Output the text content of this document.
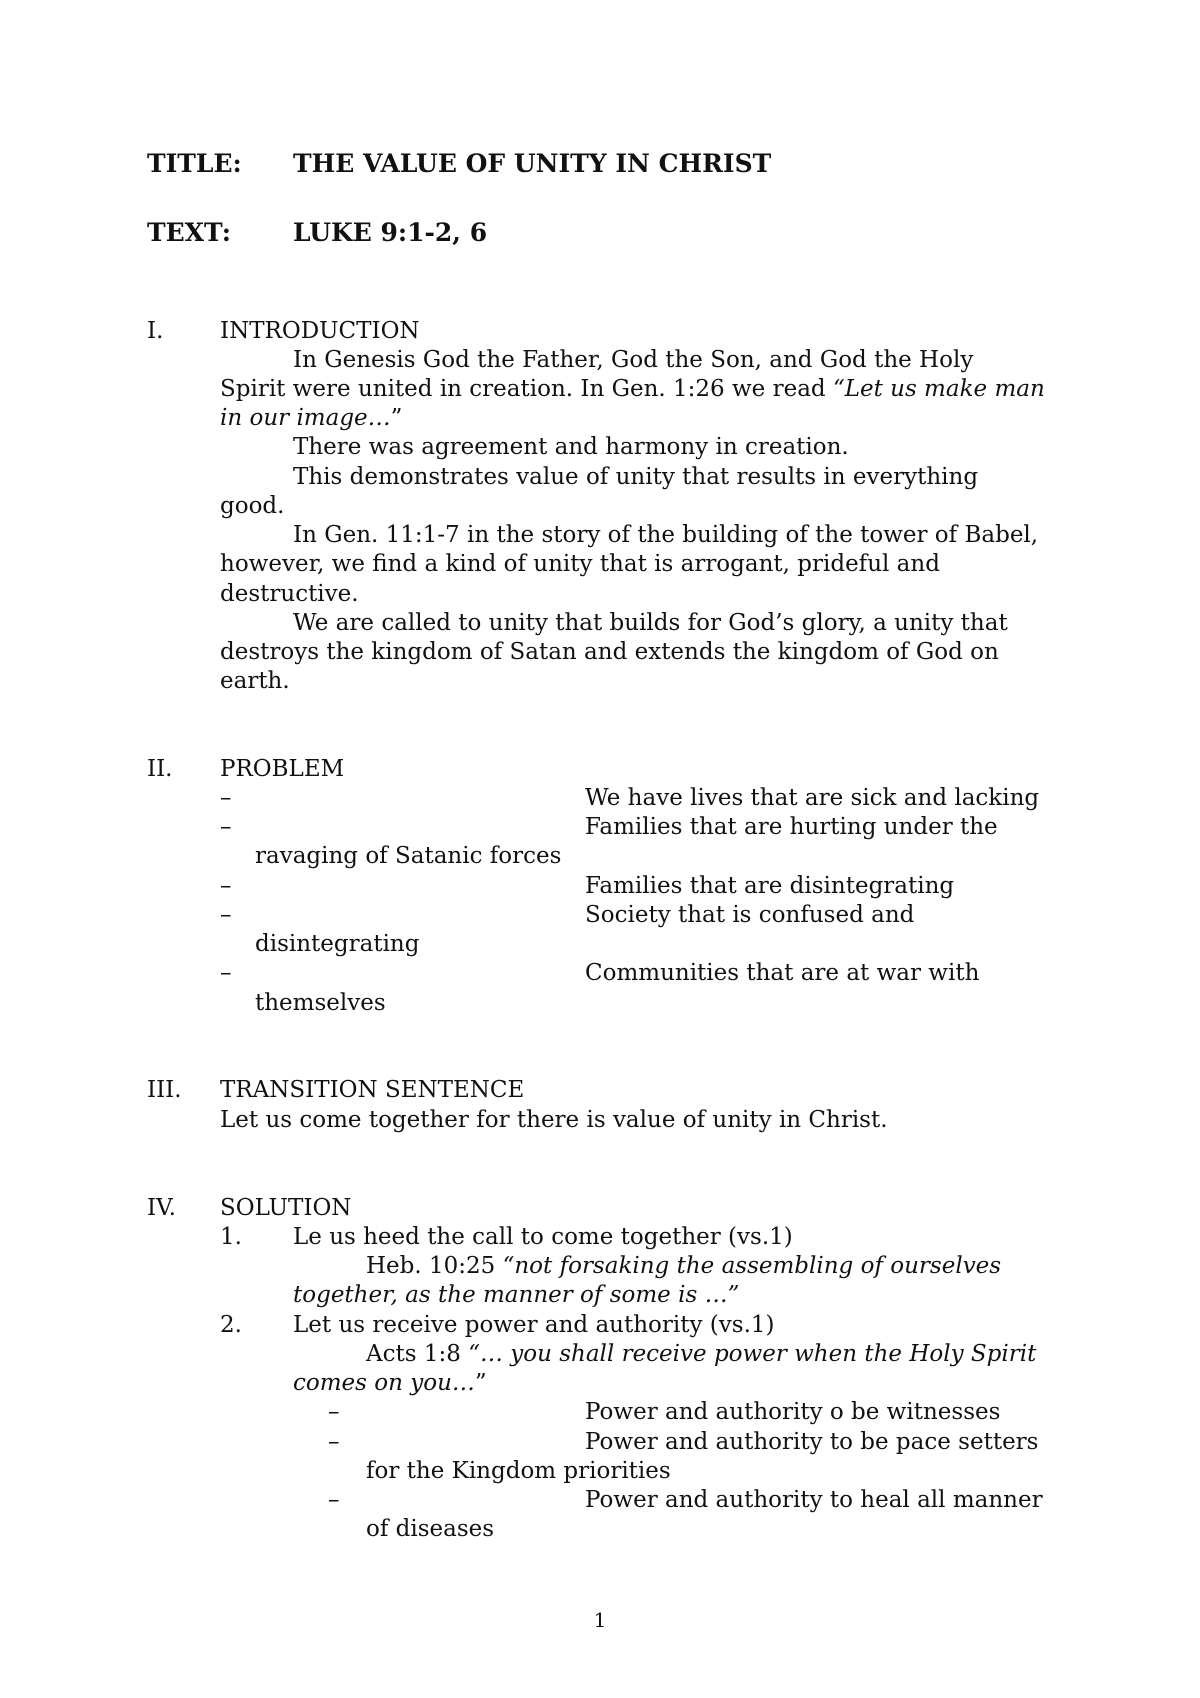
TITLE: THE VALUE OF UNITY IN CHRIST
TEXT: LUKE 9:1-2, 6
I. INTRODUCTION
In Genesis God the Father, God the Son, and God the Holy
Spirit were united in creation. In Gen. 1:26 we read “Let us make man
in our image…”
There was agreement and harmony in creation.
This demonstrates value of unity that results in everything
good.
In Gen. 11:1-7 in the story of the building of the tower of Babel,
however, we find a kind of unity that is arrogant, prideful and
destructive.
We are called to unity that builds for God’s glory, a unity that
destroys the kingdom of Satan and extends the kingdom of God on
earth.
II. PROBLEM
–	We have lives that are sick and lacking
–	Families that are hurting under the
ravaging of Satanic forces
–	Families that are disintegrating
–	Society that is confused and
disintegrating
–	Communities that are at war with
themselves
III. TRANSITION SENTENCE
Let us come together for there is value of unity in Christ.
IV. SOLUTION
1. Le us heed the call to come together (vs.1)
Heb. 10:25 “not forsaking the assembling of ourselves
together, as the manner of some is …”
2. Let us receive power and authority (vs.1)
Acts 1:8 “… you shall receive power when the Holy Spirit
comes on you…”
–	Power and authority o be witnesses
–	Power and authority to be pace setters
for the Kingdom priorities
–	Power and authority to heal all manner
of diseases
1
